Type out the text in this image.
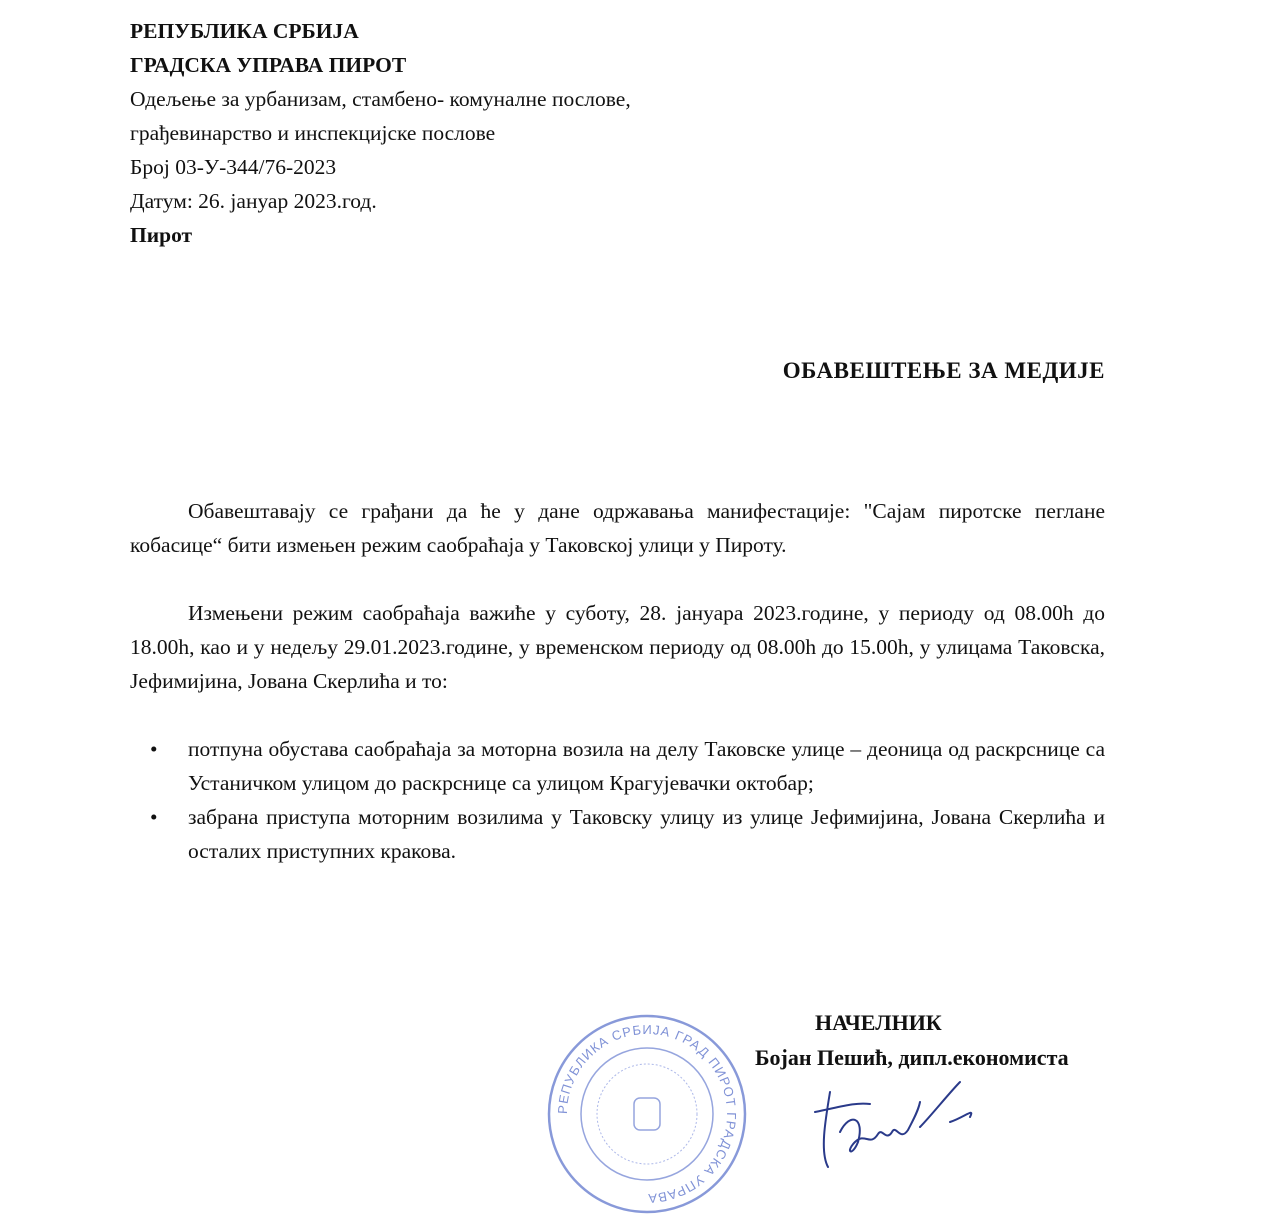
РЕПУБЛИКА СРБИЈА
ГРАДСКА УПРАВА ПИРОТ
Одељење за урбанизам, стамбено- комуналне послове,
грађевинарство и инспекцијске послове
Број 03-У-344/76-2023
Датум: 26. јануар 2023.год.
Пирот
ОБАВЕШТЕЊЕ ЗА МЕДИЈЕ

Обавештавају се грађани да ће у дане одржавања манифестације: "Сајам пиротске пеглане кобасице“ бити измењен режим саобраћаја у Таковској улици у Пироту.

Измењени режим саобраћаја важиће у суботу, 28. јануара 2023.године, у периоду од 08.00h до 18.00h, као и у недељу 29.01.2023.године, у временском периоду од 08.00h до 15.00h, у улицама Таковска, Јефимијина, Јована Скерлића и то:

• потпуна обустава саобраћаја за моторна возила на делу Таковске улице – деоница од раскрснице са Устаничком улицом до раскрснице са улицом Крагујевачки октобар;
• забрана приступа моторним возилима у Таковску улицу из улице Јефимијина, Јована Скерлића и осталих приступних кракова.
РЕПУБЛИКА СРБИЈА ГРАД ПИРОТ ГРАДСКА УПРАВА
НАЧЕЛНИК
Бојан Пешић, дипл.економиста
